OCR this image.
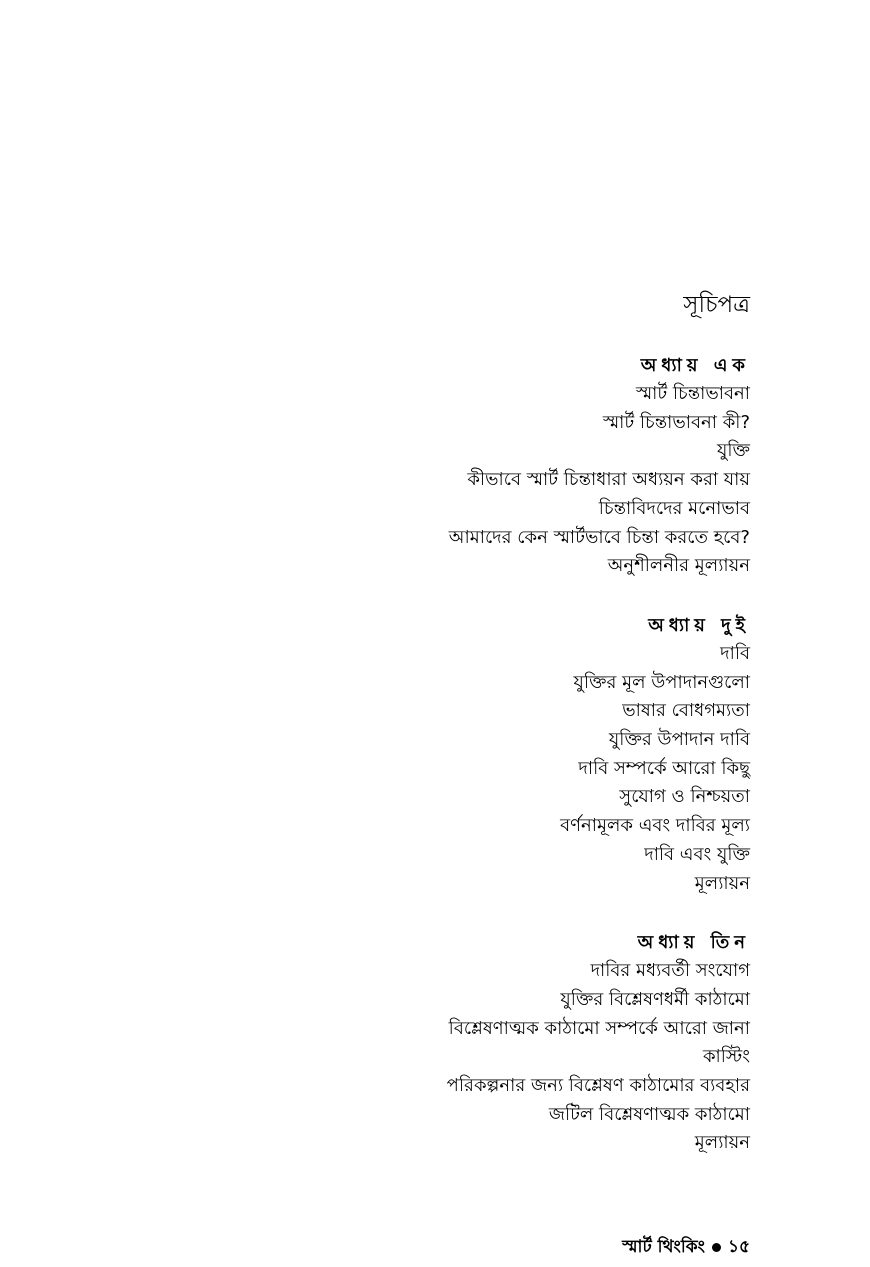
সূচিপত্র
অধ্যায় এক
স্মার্ট চিন্তাভাবনা
স্মার্ট চিন্তাভাবনা কী?
যুক্তি
কীভাবে স্মার্ট চিন্তাধারা অধ্যয়ন করা যায়
চিন্তাবিদদের মনোভাব
আমাদের কেন স্মার্টভাবে চিন্তা করতে হবে?
অনুশীলনীর মূল্যায়ন
অধ্যায় দুই
দাবি
যুক্তির মূল উপাদানগুলো
ভাষার বোধগম্যতা
যুক্তির উপাদান দাবি
দাবি সম্পর্কে আরো কিছু
সুযোগ ও নিশ্চয়তা
বর্ণনামূলক এবং দাবির মূল্য
দাবি এবং যুক্তি
মূল্যায়ন
অধ্যায় তিন
দাবির মধ্যবর্তী সংযোগ
যুক্তির বিশ্লেষণধর্মী কাঠামো
বিশ্লেষণাত্মক কাঠামো সম্পর্কে আরো জানা
কাস্টিং
পরিকল্পনার জন্য বিশ্লেষণ কাঠামোর ব্যবহার
জটিল বিশ্লেষণাত্মক কাঠামো
মূল্যায়ন
স্মার্ট থিংকিং ১৫
